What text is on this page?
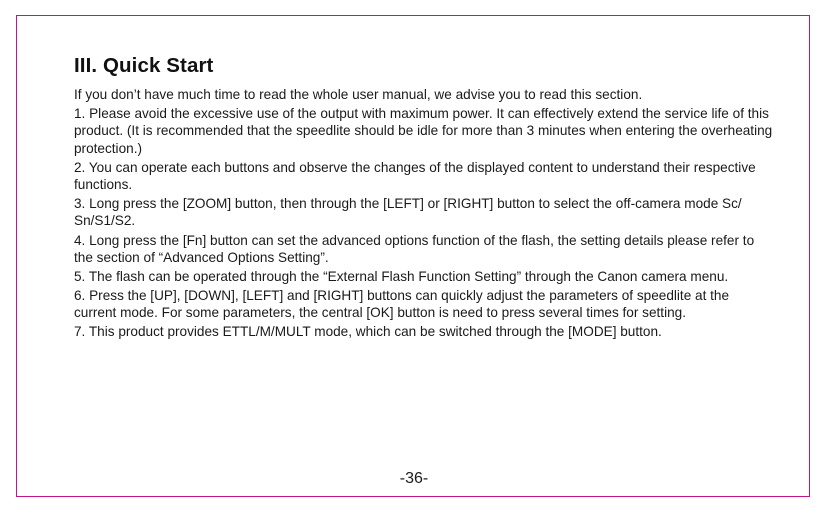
III. Quick Start

If you don’t have much time to read the whole user manual, we advise you to read this section.

1. Please avoid the excessive use of the output with maximum power. It can effectively extend the service life of this product. (It is recommended that the speedlite should be idle for more than 3 minutes when entering the overheating protection.)

2. You can operate each buttons and observe the changes of the displayed content to understand their respective functions.

3. Long press the [ZOOM] button, then through the [LEFT] or [RIGHT] button to select the off-camera mode Sc/ Sn/S1/S2.

4. Long press the [Fn] button can set the advanced options function of the flash, the setting details please refer to the section of “Advanced Options Setting”.

5. The flash can be operated through the “External Flash Function Setting” through the Canon camera menu.

6. Press the [UP], [DOWN], [LEFT] and [RIGHT] buttons can quickly adjust the parameters of speedlite at the current mode. For some parameters, the central [OK] button is need to press several times for setting.

7. This product provides ETTL/M/MULT mode, which can be switched through the [MODE] button.

-36-
